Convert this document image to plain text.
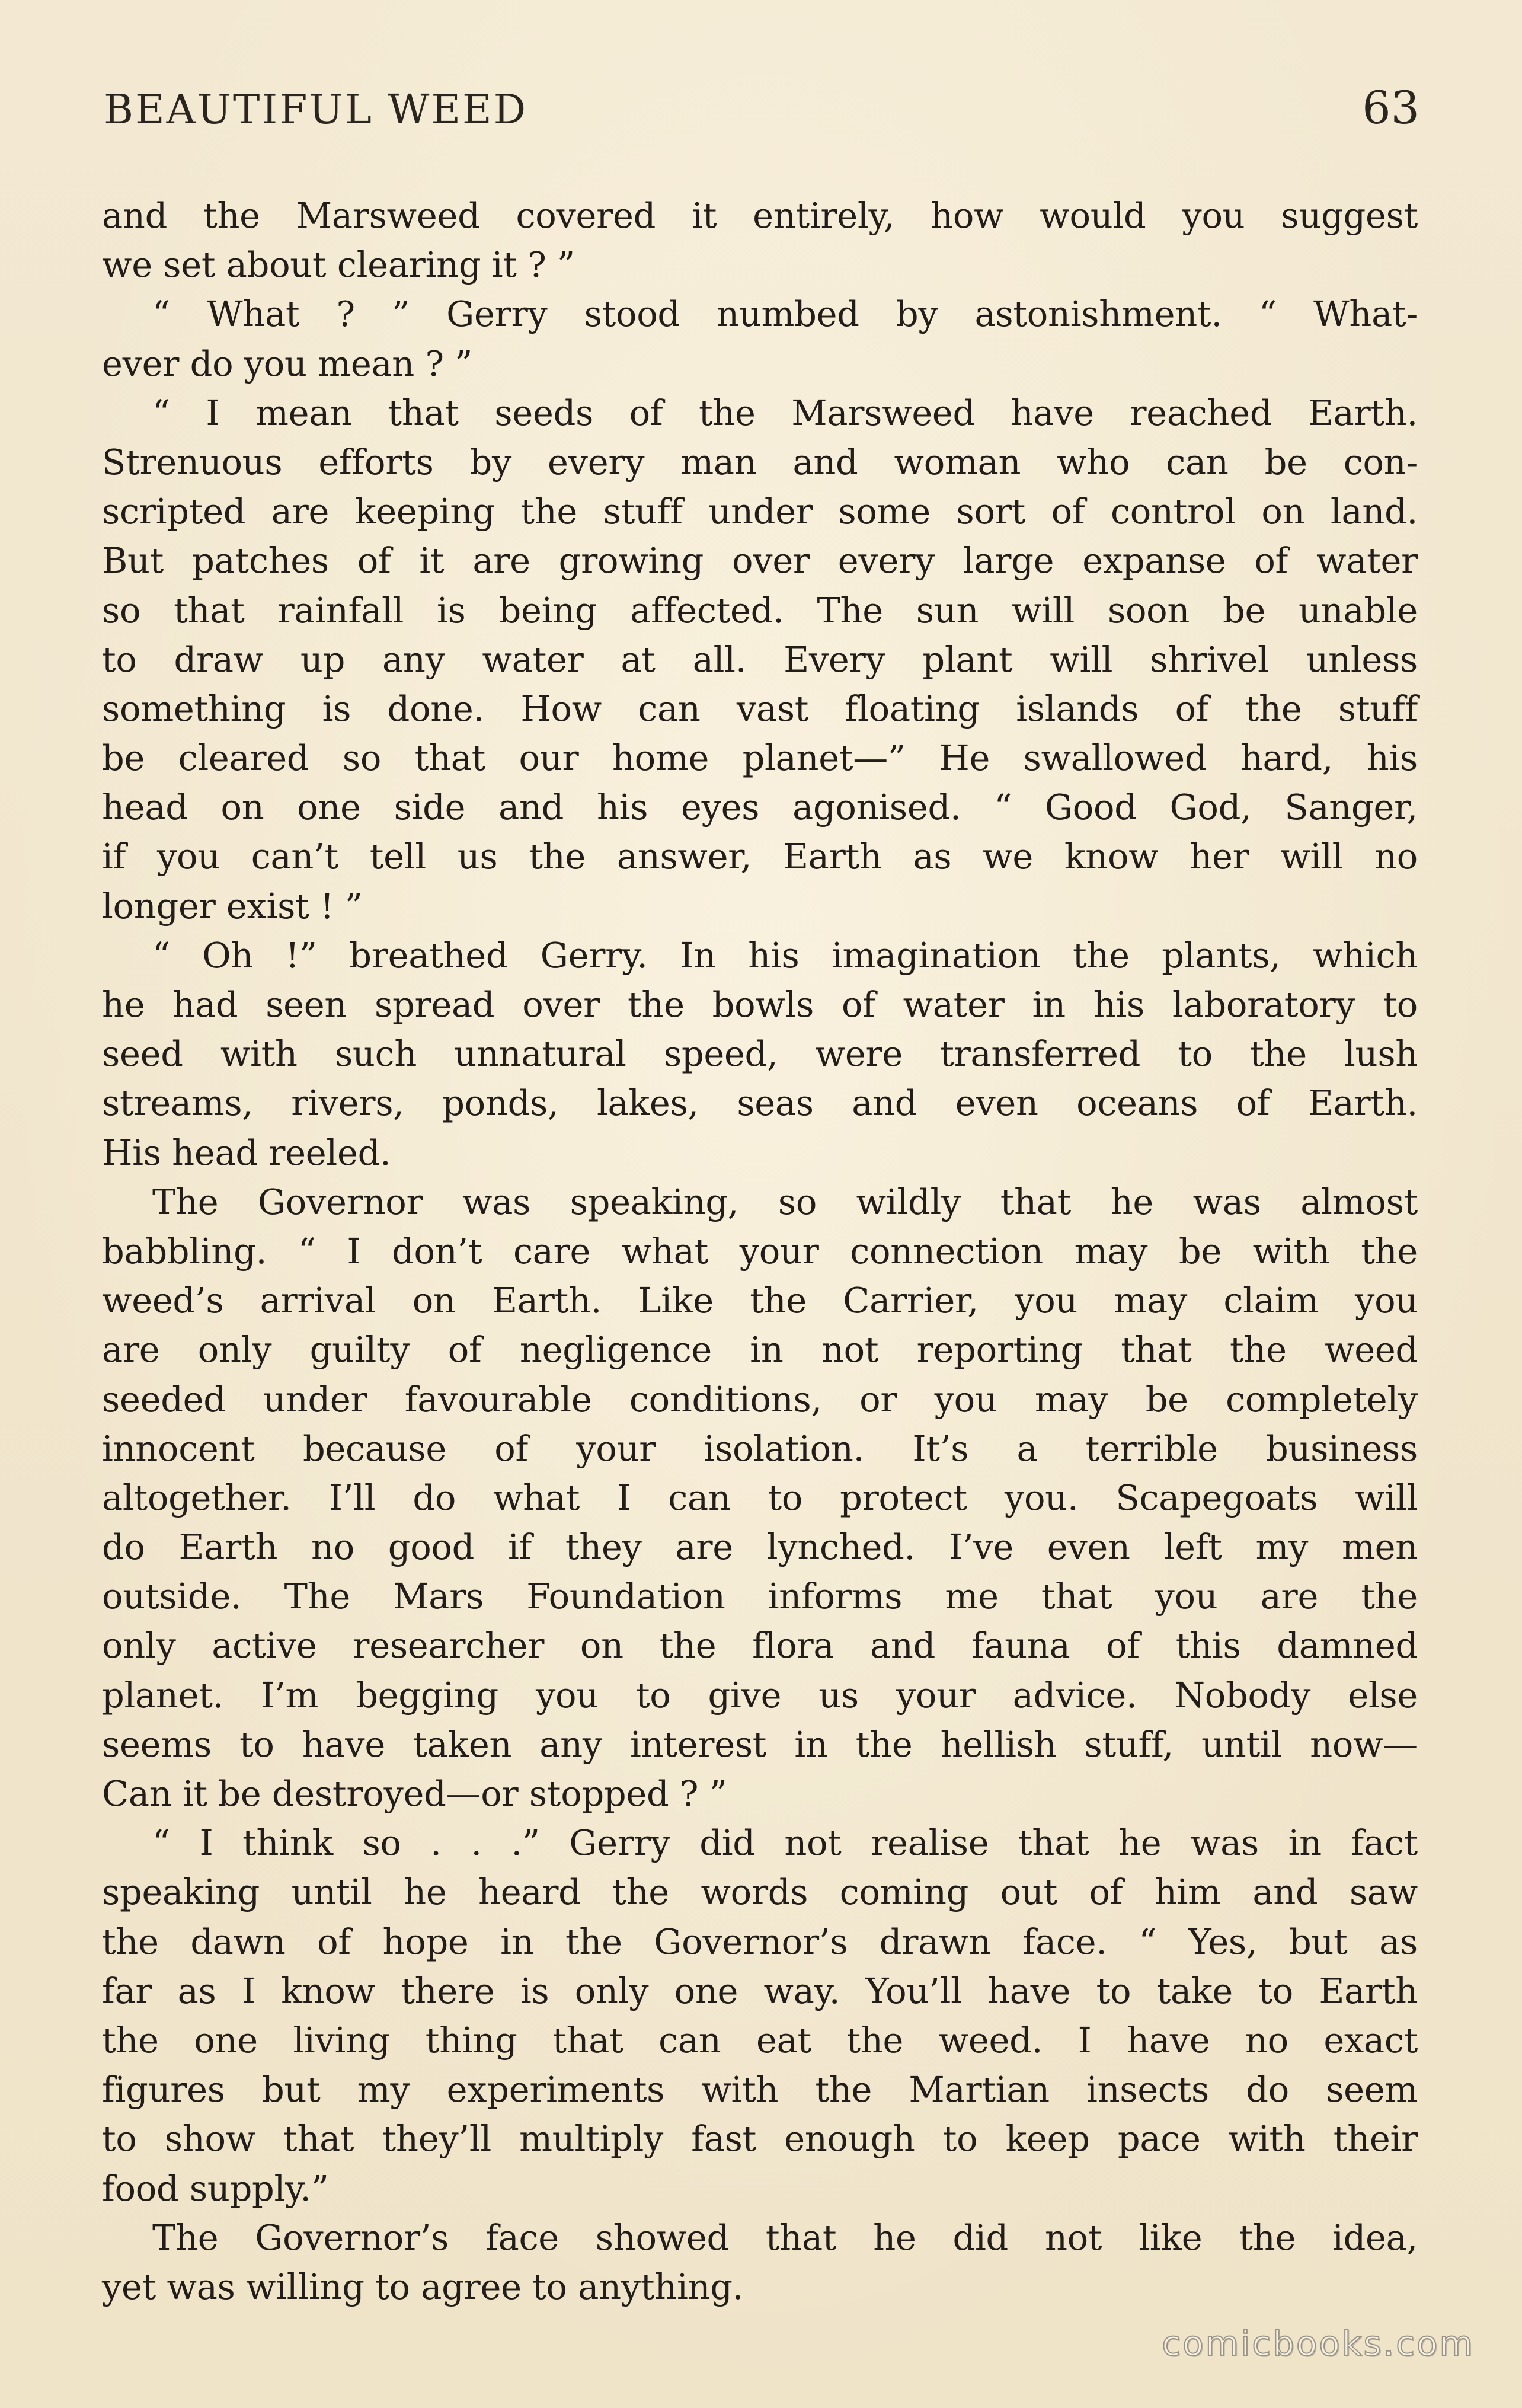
BEAUTIFUL WEED	63
and the Marsweed covered it entirely, how would you suggest
we set about clearing it ? ”
“ What ? ” Gerry stood numbed by astonishment. “ What-
ever do you mean ? ”
“ I mean that seeds of the Marsweed have reached Earth.
Strenuous efforts by every man and woman who can be con-
scripted are keeping the stuff under some sort of control on land.
But patches of it are growing over every large expanse of water
so that rainfall is being affected. The sun will soon be unable
to draw up any water at all. Every plant will shrivel unless
something is done. How can vast floating islands of the stuff
be cleared so that our home planet—” He swallowed hard, his
head on one side and his eyes agonised. “ Good God, Sanger,
if you can’t tell us the answer, Earth as we know her will no
longer exist ! ”
“ Oh !” breathed Gerry. In his imagination the plants, which
he had seen spread over the bowls of water in his laboratory to
seed with such unnatural speed, were transferred to the lush
streams, rivers, ponds, lakes, seas and even oceans of Earth.
His head reeled.
The Governor was speaking, so wildly that he was almost
babbling. “ I don’t care what your connection may be with the
weed’s arrival on Earth. Like the Carrier, you may claim you
are only guilty of negligence in not reporting that the weed
seeded under favourable conditions, or you may be completely
innocent because of your isolation. It’s a terrible business
altogether. I’ll do what I can to protect you. Scapegoats will
do Earth no good if they are lynched. I’ve even left my men
outside. The Mars Foundation informs me that you are the
only active researcher on the flora and fauna of this damned
planet. I’m begging you to give us your advice. Nobody else
seems to have taken any interest in the hellish stuff, until now—
Can it be destroyed—or stopped ? ”
“ I think so . . .” Gerry did not realise that he was in fact
speaking until he heard the words coming out of him and saw
the dawn of hope in the Governor’s drawn face. “ Yes, but as
far as I know there is only one way. You’ll have to take to Earth
the one living thing that can eat the weed. I have no exact
figures but my experiments with the Martian insects do seem
to show that they’ll multiply fast enough to keep pace with their
food supply.”
The Governor’s face showed that he did not like the idea,
yet was willing to agree to anything.
comicbooks.com
